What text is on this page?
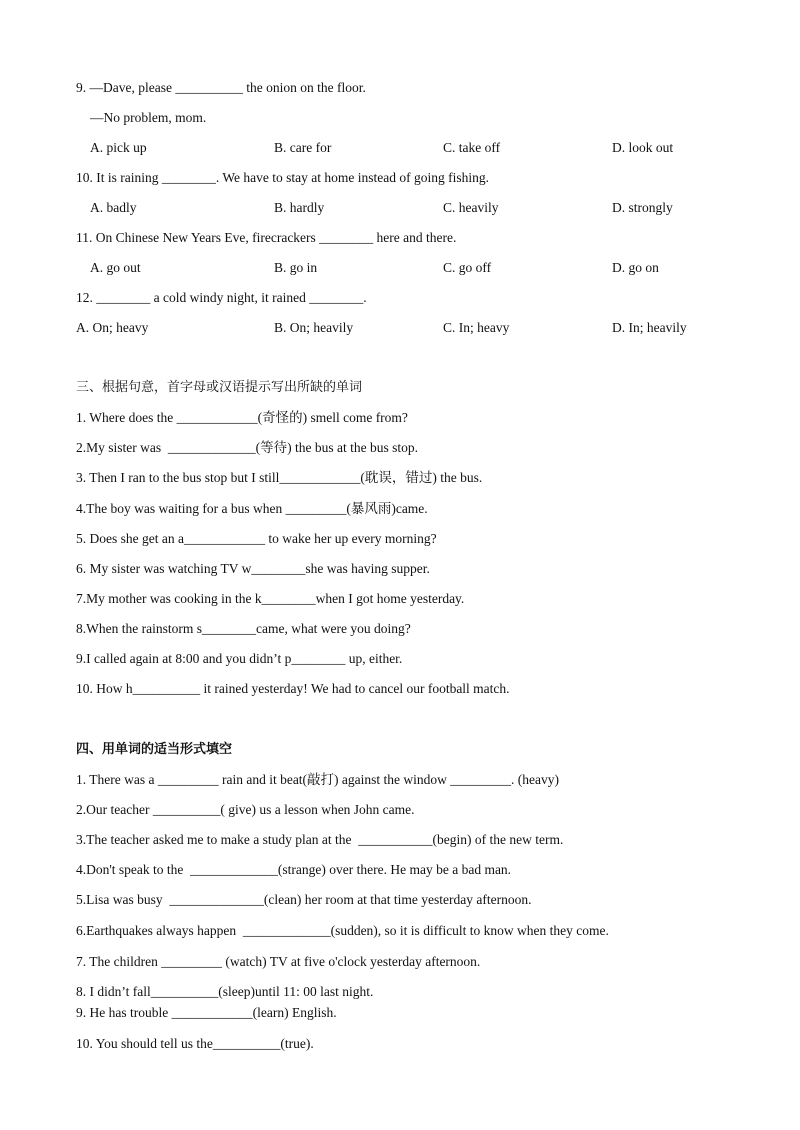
9. —Dave, please __________ the onion on the floor.
—No problem, mom.
A. pick up	B. care for	C. take off	D. look out
10. It is raining ________. We have to stay at home instead of going fishing.
A. badly	B. hardly	C. heavily	D. strongly
11. On Chinese New Years Eve, firecrackers ________ here and there.
A. go out	B. go in	C. go off	D. go on
12. ________ a cold windy night, it rained ________.
A. On; heavy	B. On; heavily	C. In; heavy	D. In; heavily
三、根据句意，首字母或汉语提示写出所缺的单词
1. Where does the ____________(奇怪的) smell come from?
2.My sister was  _____________(等待) the bus at the bus stop.
3. Then I ran to the bus stop but I still____________(耽误，错过) the bus.
4.The boy was waiting for a bus when _________(暴风雨)came.
5. Does she get an a____________ to wake her up every morning?
6. My sister was watching TV w________she was having supper.
7.My mother was cooking in the k________when I got home yesterday.
8.When the rainstorm s________came, what were you doing?
9.I called again at 8:00 and you didn’t p________ up, either.
10. How h__________ it rained yesterday! We had to cancel our football match.
四、用单词的适当形式填空
1. There was a _________ rain and it beat(敲打) against the window _________. (heavy)
2.Our teacher __________( give) us a lesson when John came.
3.The teacher asked me to make a study plan at the  ___________(begin) of the new term.
4.Don't speak to the  _____________(strange) over there. He may be a bad man.
5.Lisa was busy  ______________(clean) her room at that time yesterday afternoon.
6.Earthquakes always happen  _____________(sudden), so it is difficult to know when they come.
7. The children _________ (watch) TV at five o'clock yesterday afternoon.
8. I didn’t fall__________(sleep)until 11: 00 last night.
9. He has trouble ____________(learn) English.
10. You should tell us the__________(true).
